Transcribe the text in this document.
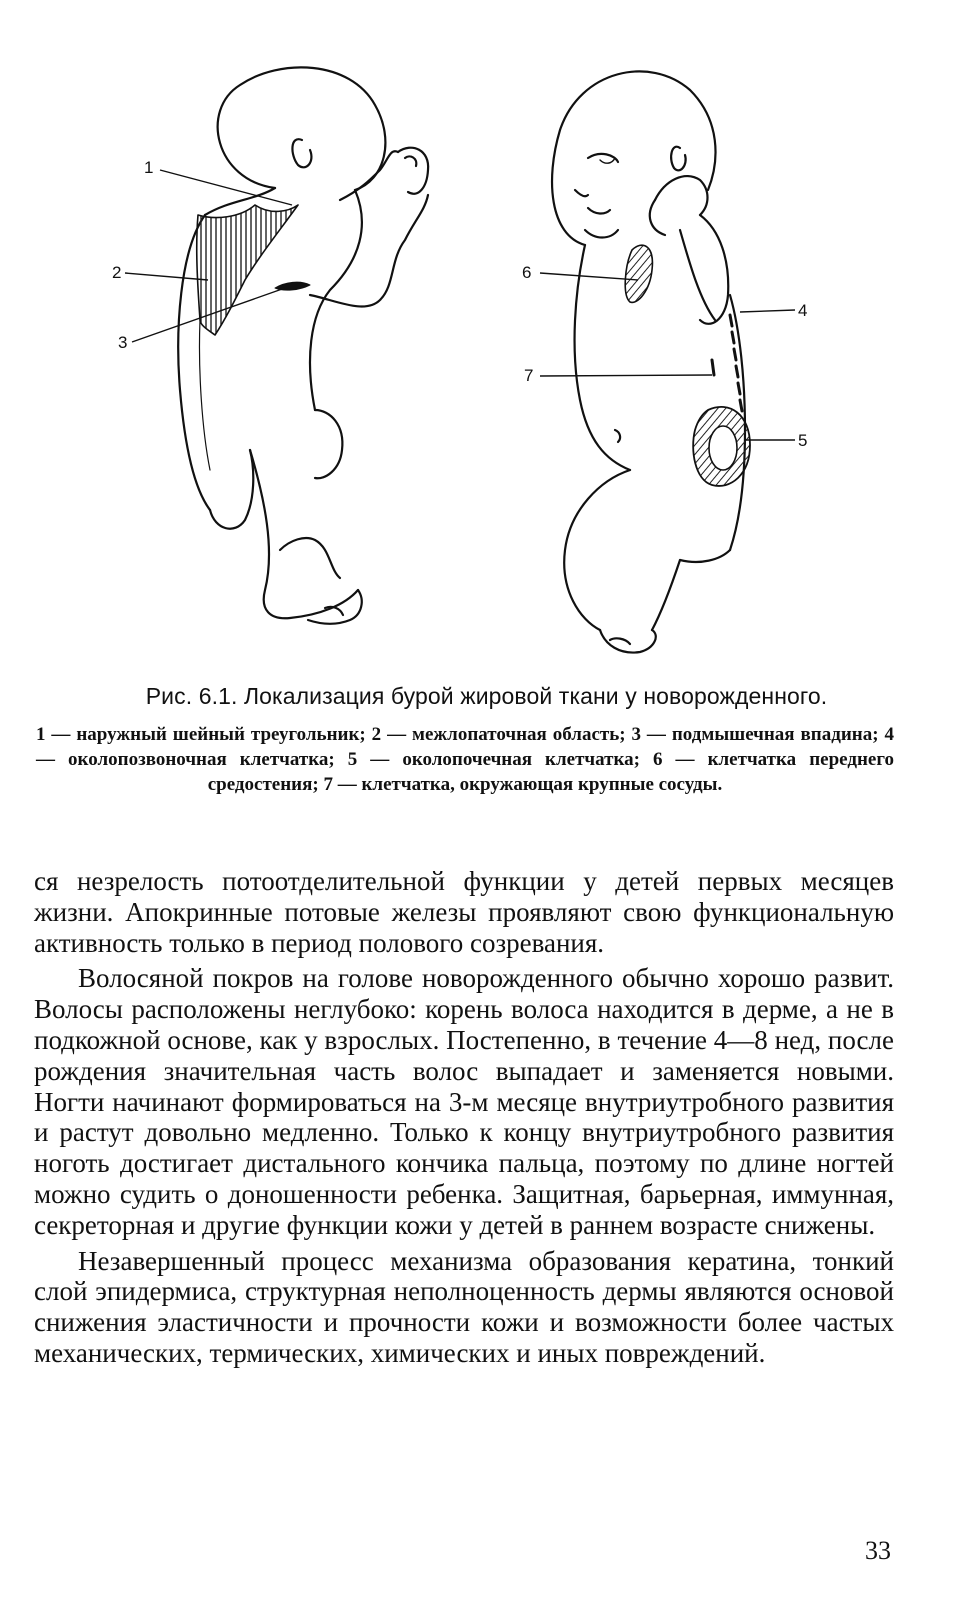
1
2
3
6
4
7
5
Рис. 6.1. Локализация бурой жировой ткани у новорожденного.
1 — наружный шейный треугольник; 2 — межлопаточная область; 3 — подмышечная впадина; 4 — околопозвоночная клетчатка; 5 — околопочечная клетчатка; 6 — клетчатка переднего средостения; 7 — клетчатка, окружающая крупные сосуды.

ся незрелость потоотделительной функции у детей первых месяцев жизни. Апокринные потовые железы проявляют свою функциональную активность только в период полового созревания.

Волосяной покров на голове новорожденного обычно хорошо развит. Волосы расположены неглубоко: корень волоса находится в дерме, а не в подкожной основе, как у взрослых. Постепенно, в течение 4—8 нед, после рождения значительная часть волос выпадает и заменяется новыми. Ногти начинают формироваться на 3-м месяце внутриутробного развития и растут довольно медленно. Только к концу внутриутробного развития ноготь достигает дистального кончика пальца, поэтому по длине ногтей можно судить о доношенности ребенка. Защитная, барьерная, иммунная, секреторная и другие функции кожи у детей в раннем возрасте снижены.

Незавершенный процесс механизма образования кератина, тонкий слой эпидермиса, структурная неполноценность дермы являются основой снижения эластичности и прочности кожи и возможности более частых механических, термических, химических и иных повреждений.

33
